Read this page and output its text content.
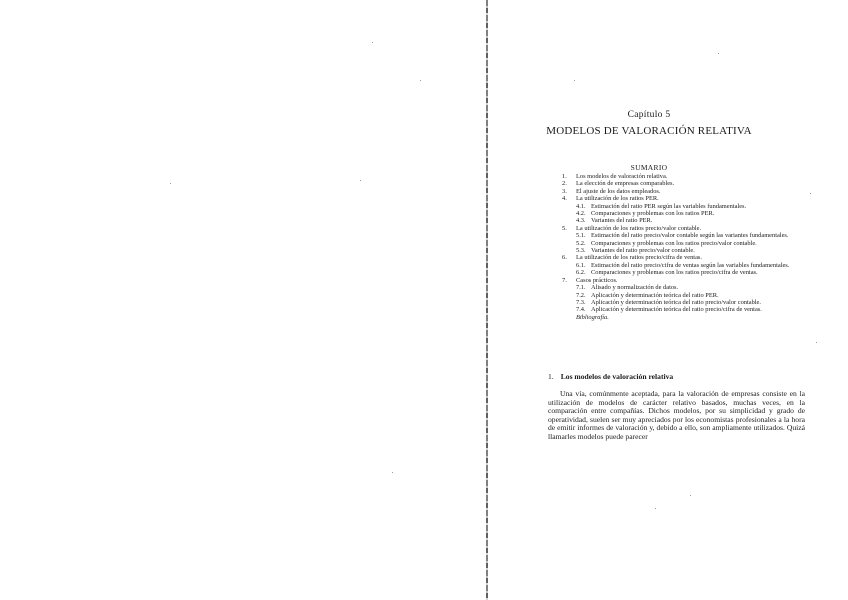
Capítulo 5
MODELOS DE VALORACIÓN RELATIVA
SUMARIO
1.	Los modelos de valoración relativa.
2.	La elección de empresas comparables.
3.	El ajuste de los datos empleados.
4.	La utilización de los ratios PER.
4.1. Estimación del ratio PER según las variables fundamentales.
4.2. Comparaciones y problemas con los ratios PER.
4.3. Variantes del ratio PER.
5.	La utilización de los ratios precio/valor contable.
5.1. Estimación del ratio precio/valor contable según las variantes fundamentales.
5.2. Comparaciones y problemas con los ratios precio/valor contable.
5.3. Variantes del ratio precio/valor contable.
6.	La utilización de los ratios precio/cifra de ventas.
6.1. Estimación del ratio precio/cifra de ventas según las variables fundamentales.
6.2. Comparaciones y problemas con los ratios precio/cifra de ventas.
7.	Casos prácticos.
7.1. Alisado y normalización de datos.
7.2. Aplicación y determinación teórica del ratio PER.
7.3. Aplicación y determinación teórica del ratio precio/valor contable.
7.4. Aplicación y determinación teórica del ratio precio/cifra de ventas.
Bibliografía.
1. Los modelos de valoración relativa
Una vía, comúnmente aceptada, para la valoración de empresas consiste en la utilización de modelos de carácter relativo basados, muchas veces, en la comparación entre compañías. Dichos modelos, por su simplicidad y grado de operatividad, suelen ser muy apreciados por los economistas profesionales a la hora de emitir informes de valoración y, debido a ello, son ampliamente utilizados. Quizá llamarles modelos puede parecer
